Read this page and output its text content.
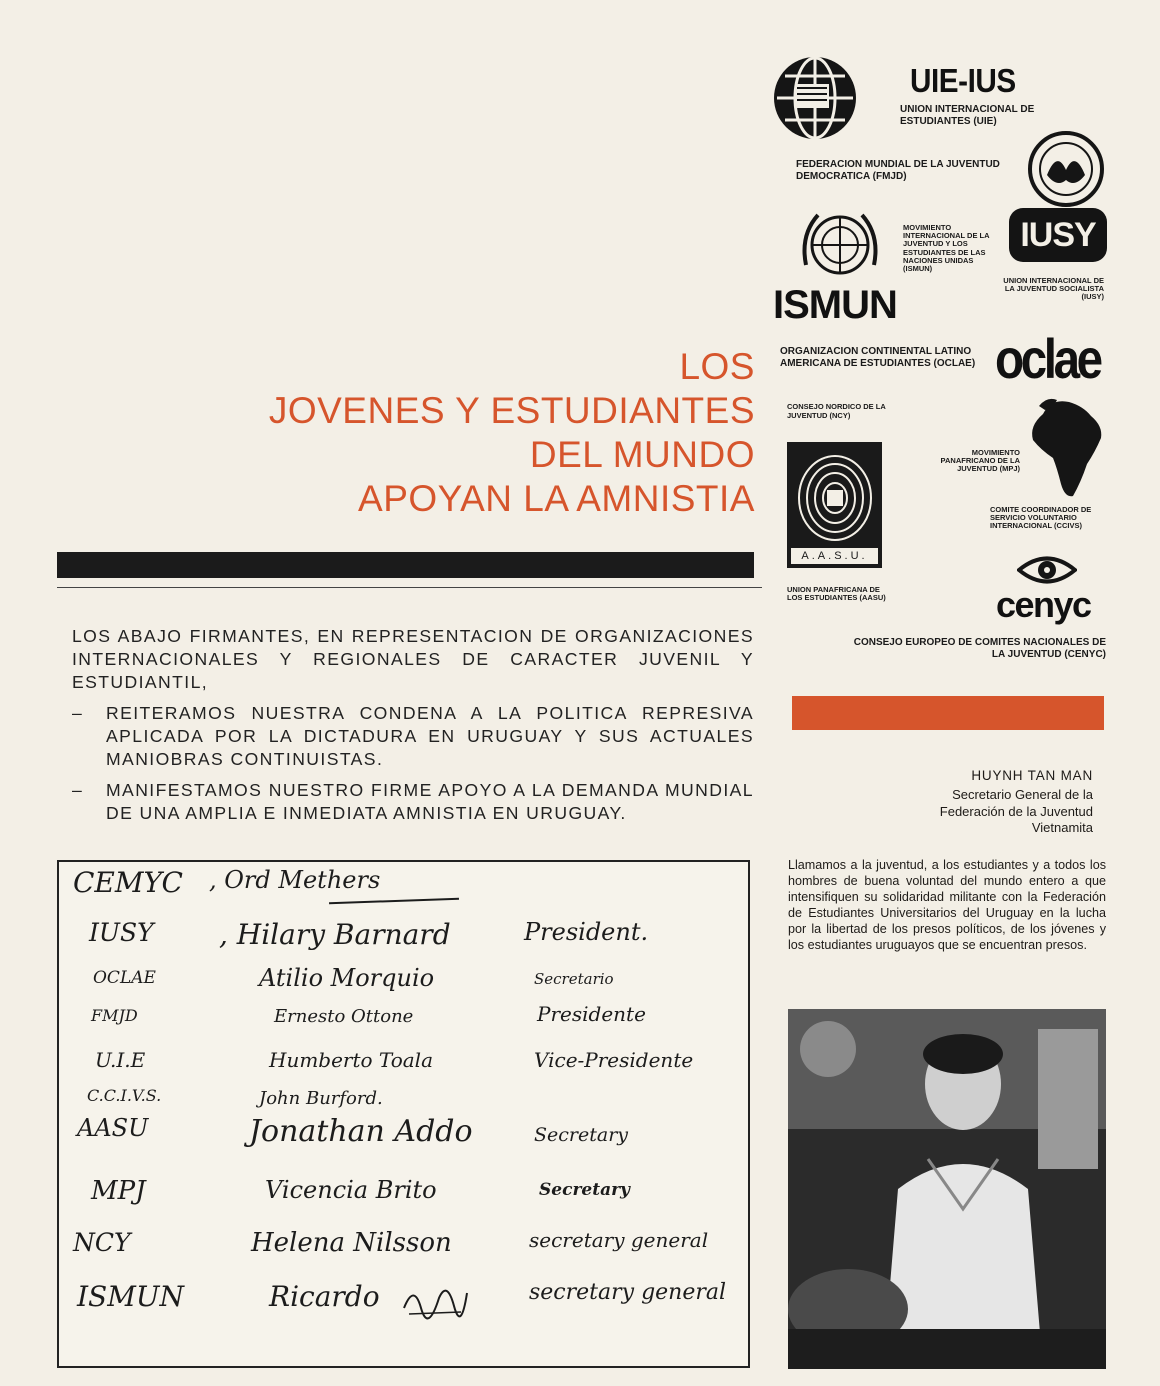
LOS
JOVENES Y ESTUDIANTES
DEL MUNDO
APOYAN LA AMNISTIA
LOS ABAJO FIRMANTES, EN REPRESENTACION DE ORGANIZACIONES INTERNACIONALES Y REGIONALES DE CARACTER JUVENIL Y ESTUDIANTIL,
–	REITERAMOS NUESTRA CONDENA A LA POLITICA REPRESIVA APLICADA POR LA DICTADURA EN URUGUAY Y SUS ACTUALES MANIOBRAS CONTINUISTAS.
–	MANIFESTAMOS NUESTRO FIRME APOYO A LA DEMANDA MUNDIAL DE UNA AMPLIA E INMEDIATA AMNISTIA EN URUGUAY.
CEMYC , Ord Methers
IUSY , Hilary Barnard	President.
OCLAE	Atilio Morquio	Secretario
FMJD	Ernesto Ottone	Presidente
U.I.E	Humberto Toala	Vice-Presidente
C.C.I.V.S.	John Burford.
AASU	Jonathan Addo	Secretary
MPJ	Vicencia Brito	Secretary
NCY	Helena Nilsson	secretary general
ISMUN	Ricardo	secretary general
UIE-IUS
UNION INTERNACIONAL DE ESTUDIANTES (UIE)
FEDERACION MUNDIAL DE LA JUVENTUD DEMOCRATICA (FMJD)
ISMUN
MOVIMIENTO INTERNACIONAL DE LA JUVENTUD Y LOS ESTUDIANTES DE LAS NACIONES UNIDAS (ISMUN)
IUSY
UNION INTERNACIONAL DE LA JUVENTUD SOCIALISTA (IUSY)
ORGANIZACION CONTINENTAL LATINO AMERICANA DE ESTUDIANTES (OCLAE) oclae
CONSEJO NORDICO DE LA JUVENTUD (NCY)
MOVIMIENTO PANAFRICANO DE LA JUVENTUD (MPJ)
COMITE COORDINADOR DE SERVICIO VOLUNTARIO INTERNACIONAL (CCIVS)
A.A.S.U.
UNION PANAFRICANA DE LOS ESTUDIANTES (AASU)	cenyc
CONSEJO EUROPEO DE COMITES NACIONALES DE LA JUVENTUD (CENYC)
HUYNH TAN MAN
Secretario General de la
Federación de la Juventud
Vietnamita
Llamamos a la juventud, a los estudiantes y a todos los hombres de buena voluntad del mundo entero a que intensifiquen su solidaridad militante con la Federación de Estudiantes Universitarios del Uruguay en la lucha por la libertad de los presos políticos, de los jóvenes y los estudiantes uruguayos que se encuentran presos.
